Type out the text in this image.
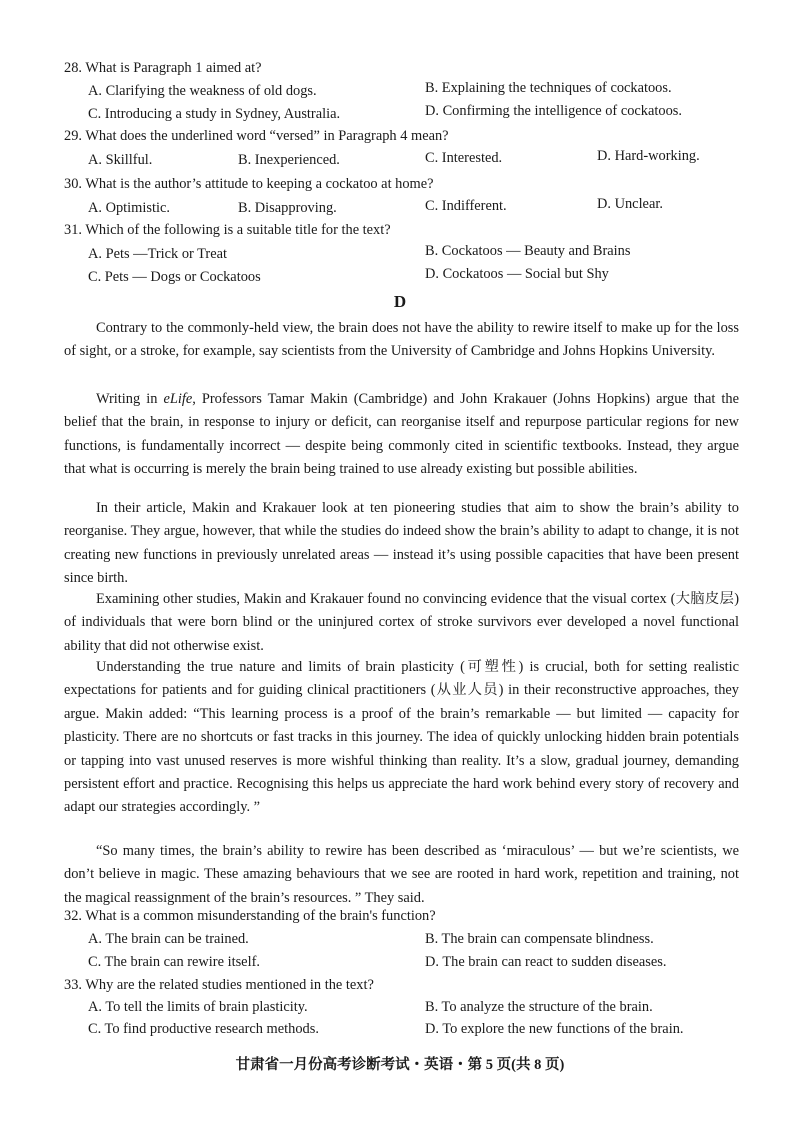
28. What is Paragraph 1 aimed at?
A. Clarifying the weakness of old dogs.	B. Explaining the techniques of cockatoos.
C. Introducing a study in Sydney, Australia.	D. Confirming the intelligence of cockatoos.
29. What does the underlined word “versed” in Paragraph 4 mean?
A. Skillful.	B. Inexperienced.	C. Interested.	D. Hard-working.
30. What is the author’s attitude to keeping a cockatoo at home?
A. Optimistic.	B. Disapproving.	C. Indifferent.	D. Unclear.
31. Which of the following is a suitable title for the text?
A. Pets —Trick or Treat	B. Cockatoos — Beauty and Brains
C. Pets — Dogs or Cockatoos	D. Cockatoos — Social but Shy
D
Contrary to the commonly-held view, the brain does not have the ability to rewire itself to make up for the loss of sight, or a stroke, for example, say scientists from the University of Cambridge and Johns Hopkins University.
Writing in eLife, Professors Tamar Makin (Cambridge) and John Krakauer (Johns Hopkins) argue that the belief that the brain, in response to injury or deficit, can reorganise itself and repurpose particular regions for new functions, is fundamentally incorrect — despite being commonly cited in scientific textbooks. Instead, they argue that what is occurring is merely the brain being trained to use already existing but possible abilities.
In their article, Makin and Krakauer look at ten pioneering studies that aim to show the brain’s ability to reorganise. They argue, however, that while the studies do indeed show the brain’s ability to adapt to change, it is not creating new functions in previously unrelated areas — instead it’s using possible capacities that have been present since birth.
Examining other studies, Makin and Krakauer found no convincing evidence that the visual cortex (大脑皮层) of individuals that were born blind or the uninjured cortex of stroke survivors ever developed a novel functional ability that did not otherwise exist.
Understanding the true nature and limits of brain plasticity (可塑性) is crucial, both for setting realistic expectations for patients and for guiding clinical practitioners (从业人员) in their reconstructive approaches, they argue. Makin added: “This learning process is a proof of the brain’s remarkable — but limited — capacity for plasticity. There are no shortcuts or fast tracks in this journey. The idea of quickly unlocking hidden brain potentials or tapping into vast unused reserves is more wishful thinking than reality. It’s a slow, gradual journey, demanding persistent effort and practice. Recognising this helps us appreciate the hard work behind every story of recovery and adapt our strategies accordingly. ”
“So many times, the brain’s ability to rewire has been described as ‘miraculous’ — but we’re scientists, we don’t believe in magic. These amazing behaviours that we see are rooted in hard work, repetition and training, not the magical reassignment of the brain’s resources. ” They said.
32. What is a common misunderstanding of the brain's function?
A. The brain can be trained.	B. The brain can compensate blindness.
C. The brain can rewire itself.	D. The brain can react to sudden diseases.
33. Why are the related studies mentioned in the text?
A. To tell the limits of brain plasticity.	B. To analyze the structure of the brain.
C. To find productive research methods.	D. To explore the new functions of the brain.
甘肃省一月份高考诊断考试・英语・第 5 页(共 8 页)
